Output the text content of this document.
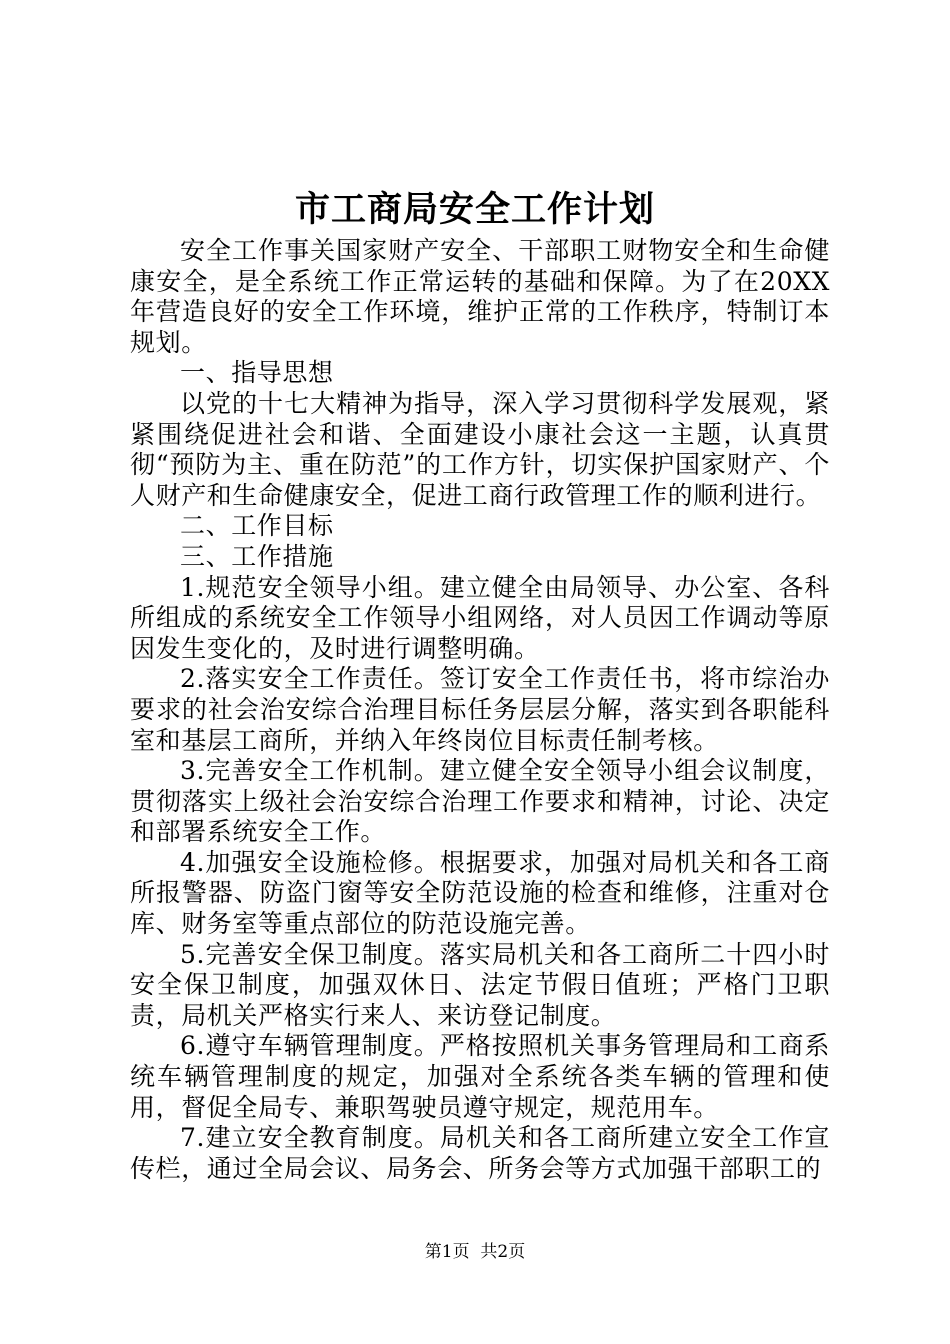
市工商局安全工作计划

安全工作事关国家财产安全、干部职工财物安全和生命健康安全，是全系统工作正常运转的基础和保障。为了在20XX年营造良好的安全工作环境，维护正常的工作秩序，特制订本规划。

一、指导思想

以党的十七大精神为指导，深入学习贯彻科学发展观，紧紧围绕促进社会和谐、全面建设小康社会这一主题，认真贯彻“预防为主、重在防范”的工作方针，切实保护国家财产、个人财产和生命健康安全，促进工商行政管理工作的顺利进行。

二、工作目标

三、工作措施

1.规范安全领导小组。建立健全由局领导、办公室、各科所组成的系统安全工作领导小组网络，对人员因工作调动等原因发生变化的，及时进行调整明确。

2.落实安全工作责任。签订安全工作责任书，将市综治办要求的社会治安综合治理目标任务层层分解，落实到各职能科室和基层工商所，并纳入年终岗位目标责任制考核。

3.完善安全工作机制。建立健全安全领导小组会议制度，贯彻落实上级社会治安综合治理工作要求和精神，讨论、决定和部署系统安全工作。

4.加强安全设施检修。根据要求，加强对局机关和各工商所报警器、防盗门窗等安全防范设施的检查和维修，注重对仓库、财务室等重点部位的防范设施完善。

5.完善安全保卫制度。落实局机关和各工商所二十四小时安全保卫制度，加强双休日、法定节假日值班；严格门卫职责，局机关严格实行来人、来访登记制度。

6.遵守车辆管理制度。严格按照机关事务管理局和工商系统车辆管理制度的规定，加强对全系统各类车辆的管理和使用，督促全局专、兼职驾驶员遵守规定，规范用车。

7.建立安全教育制度。局机关和各工商所建立安全工作宣传栏，通过全局会议、局务会、所务会等方式加强干部职工的

第1页  共2页
